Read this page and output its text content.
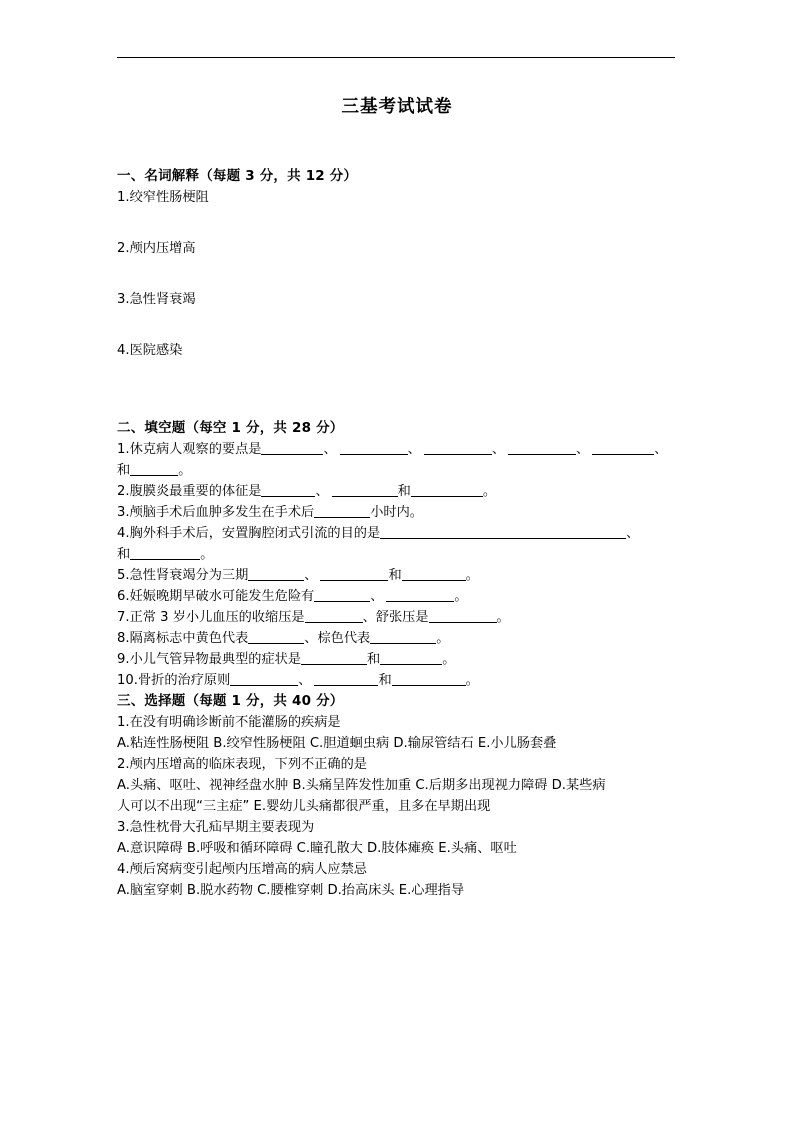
三基考试试卷
一、名词解释（每题 3 分，共 12 分）
1.绞窄性肠梗阻
2.颅内压增高
3.急性肾衰竭
4.医院感染
二、填空题（每空 1 分，共 28 分）
1.休克病人观察的要点是	、	、	、	、	、
和	。
2.腹膜炎最重要的体征是	、	和	。
3.颅脑手术后血肿多发生在手术后	小时内。
4.胸外科手术后，安置胸腔闭式引流的目的是	、
和	。
5.急性肾衰竭分为三期	、	和	。
6.妊娠晚期早破水可能发生危险有	、	。
7.正常 3 岁小儿血压的收缩压是	、舒张压是	。
8.隔离标志中黄色代表	、棕色代表	。
9.小儿气管异物最典型的症状是	和	。
10.骨折的治疗原则	、	和	。
三、选择题（每题 1 分，共 40 分）
1.在没有明确诊断前不能灌肠的疾病是
A.粘连性肠梗阻 B.绞窄性肠梗阻 C.胆道蛔虫病 D.输尿管结石 E.小儿肠套叠
2.颅内压增高的临床表现，下列不正确的是
A.头痛、呕吐、视神经盘水肿 B.头痛呈阵发性加重 C.后期多出现视力障碍 D.某些病
人可以不出现“三主症” E.婴幼儿头痛都很严重，且多在早期出现
3.急性枕骨大孔疝早期主要表现为
A.意识障碍 B.呼吸和循环障碍 C.瞳孔散大 D.肢体瘫痪 E.头痛、呕吐
4.颅后窝病变引起颅内压增高的病人应禁忌
A.脑室穿刺 B.脱水药物 C.腰椎穿刺 D.抬高床头 E.心理指导
